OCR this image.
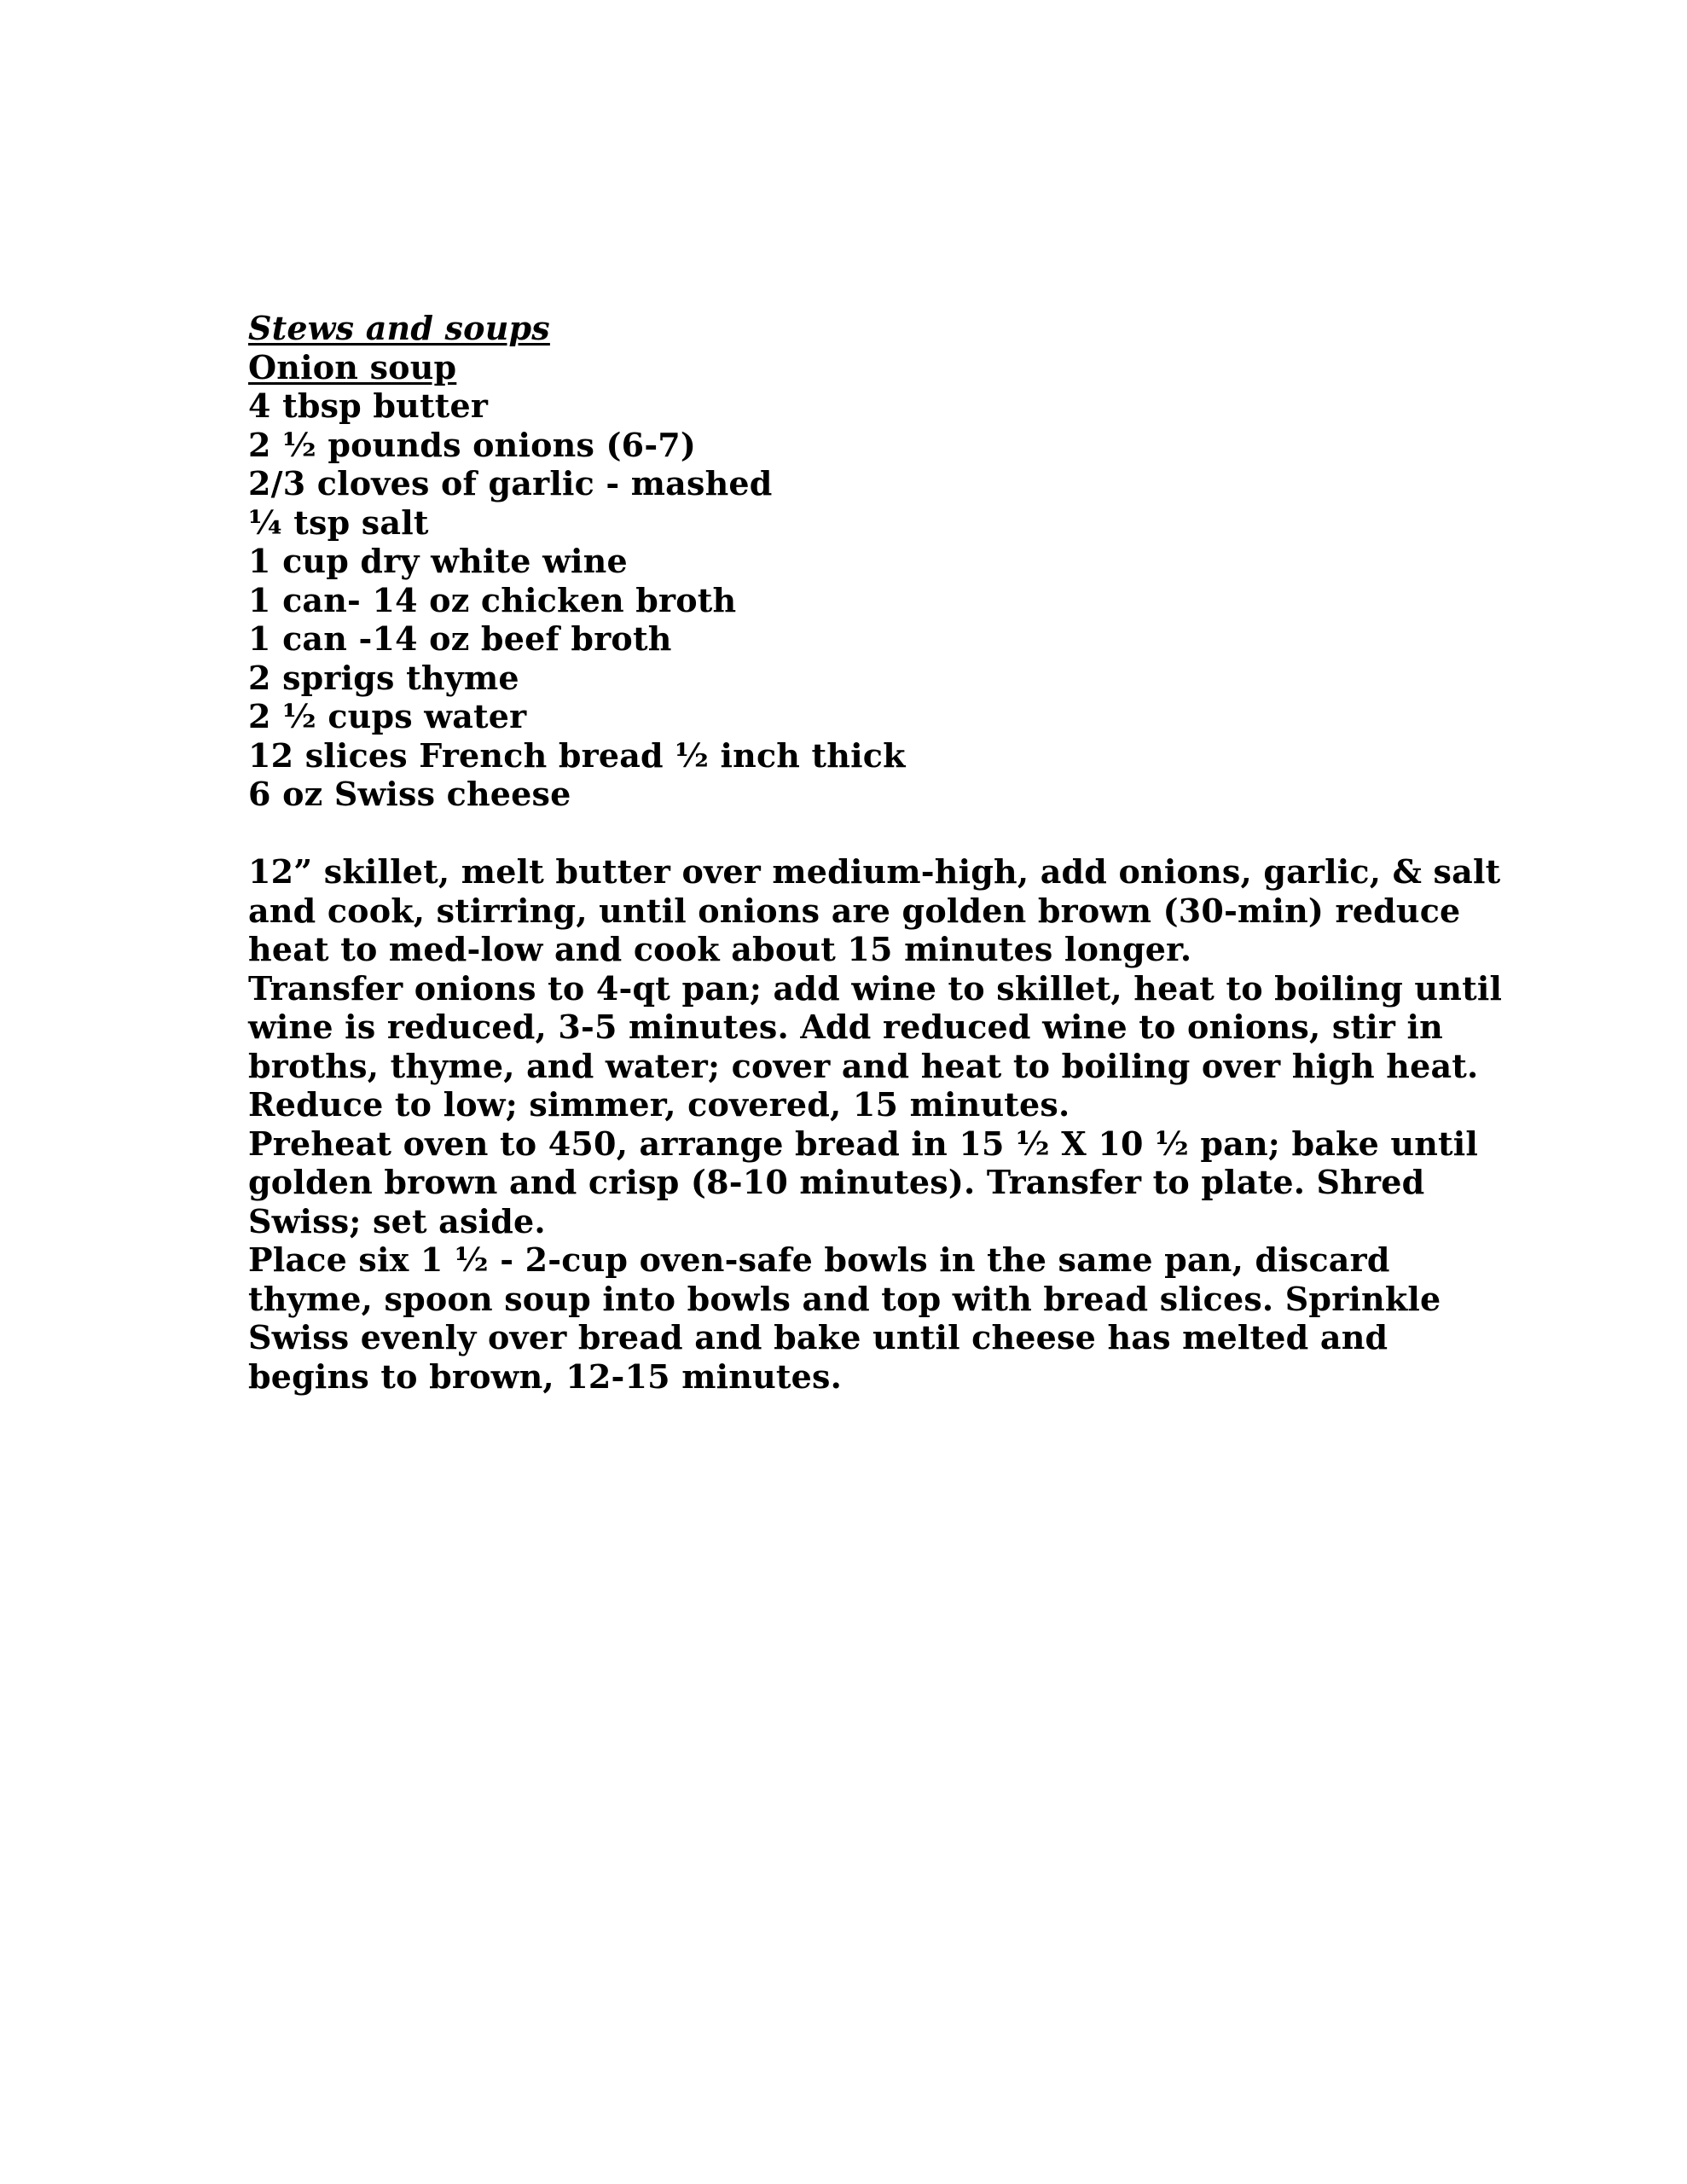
Stews and soups
Onion soup
4 tbsp butter
2 ½ pounds onions (6-7)
2/3 cloves of garlic - mashed
¼ tsp salt
1 cup dry white wine
1 can- 14 oz chicken broth
1 can -14 oz beef broth
2 sprigs thyme
2 ½ cups water
12 slices French bread ½ inch thick
6 oz Swiss cheese
12” skillet, melt butter over medium-high, add onions, garlic, & salt
and cook, stirring, until onions are golden brown (30-min) reduce
heat to med-low and cook about 15 minutes longer.
Transfer onions to 4-qt pan; add wine to skillet, heat to boiling until
wine is reduced, 3-5 minutes. Add reduced wine to onions, stir in
broths, thyme, and water; cover and heat to boiling over high heat.
Reduce to low; simmer, covered, 15 minutes.
Preheat oven to 450, arrange bread in 15 ½ X 10 ½ pan; bake until
golden brown and crisp (8-10 minutes). Transfer to plate. Shred
Swiss; set aside.
Place six 1 ½ - 2-cup oven-safe bowls in the same pan, discard
thyme, spoon soup into bowls and top with bread slices. Sprinkle
Swiss evenly over bread and bake until cheese has melted and
begins to brown, 12-15 minutes.
